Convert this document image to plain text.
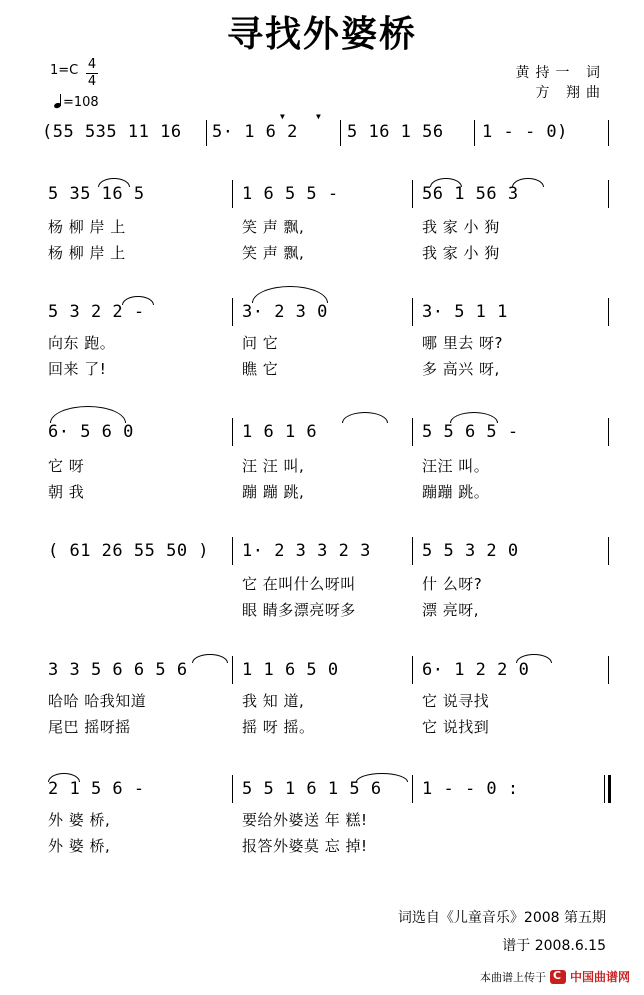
寻找外婆桥
1=C 4
4
=108
黄持一 词
方 翔曲
(55 535 11 16 5· 1 6 2	5 16 1 56 1 - - 0)
▼	▼
5 35 16 5	1 6 5 5 -	56 1 56 3
杨 柳 岸 上	笑 声 飘,	我 家 小 狗
杨 柳 岸 上	笑 声 飘,	我 家 小 狗
5 3 2 2 -	3· 2 3 0	3· 5 1 1
向东 跑。	问 它	哪 里去 呀?
回来 了!	瞧 它	多 高兴 呀,
6· 5 6 0	1 6 1 6	5 5 6 5 -
它 呀	汪 汪 叫,	汪汪 叫。
朝 我	蹦 蹦 跳,	蹦蹦 跳。
( 61 26 55 50 ) 1· 2 3 3 2 3	5 5 3 2 0
它 在叫什么呀叫	什 么呀?
眼 睛多漂亮呀多	漂 亮呀,
3 3 5 6 6 5 6	1 1 6 5 0	6· 1 2 2 0
哈哈 哈我知道	我 知 道,	它 说寻找
尾巴 摇呀摇	摇 呀 摇。	它 说找到
2 1 5 6 -	5 5 1 6 1 5 6 1 - - 0 :
外 婆 桥,	要给外婆送 年 糕!
外 婆 桥,	报答外婆莫 忘 掉!
词选自《儿童音乐》2008 第五期
谱于 2008.6.15
本曲谱上传于
C 中国曲谱网
